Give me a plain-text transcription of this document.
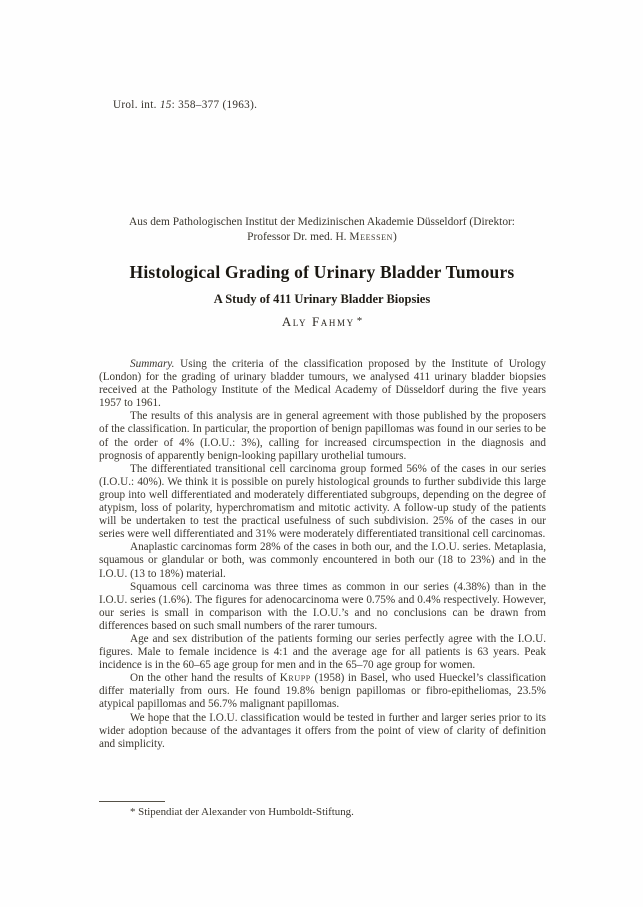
Urol. int. 15: 358–377 (1963).
Aus dem Pathologischen Institut der Medizinischen Akademie Düsseldorf (Direktor:
Professor Dr. med. H. Meessen)
Histological Grading of Urinary Bladder Tumours
A Study of 411 Urinary Bladder Biopsies
Aly Fahmy *

Summary. Using the criteria of the classification proposed by the Institute of Urology (London) for the grading of urinary bladder tumours, we analysed 411 urinary bladder biopsies received at the Pathology Institute of the Medical Academy of Düsseldorf during the five years 1957 to 1961.

The results of this analysis are in general agreement with those published by the proposers of the classification. In particular, the proportion of benign papillomas was found in our series to be of the order of 4% (I.O.U.: 3%), calling for increased circumspection in the diagnosis and prognosis of apparently benign-looking papillary urothelial tumours.

The differentiated transitional cell carcinoma group formed 56% of the cases in our series (I.O.U.: 40%). We think it is possible on purely histological grounds to further subdivide this large group into well differentiated and moderately differentiated subgroups, depending on the degree of atypism, loss of polarity, hyperchromatism and mitotic activity. A follow-up study of the patients will be undertaken to test the practical usefulness of such subdivision. 25% of the cases in our series were well differentiated and 31% were moderately differentiated transitional cell carcinomas.

Anaplastic carcinomas form 28% of the cases in both our, and the I.O.U. series. Metaplasia, squamous or glandular or both, was commonly encountered in both our (18 to 23%) and in the I.O.U. (13 to 18%) material.

Squamous cell carcinoma was three times as common in our series (4.38%) than in the I.O.U. series (1.6%). The figures for adenocarcinoma were 0.75% and 0.4% respectively. However, our series is small in comparison with the I.O.U.’s and no conclusions can be drawn from differences based on such small numbers of the rarer tumours.

Age and sex distribution of the patients forming our series perfectly agree with the I.O.U. figures. Male to female incidence is 4:1 and the average age for all patients is 63 years. Peak incidence is in the 60–65 age group for men and in the 65–70 age group for women.

On the other hand the results of Krupp (1958) in Basel, who used Hueckel’s classification differ materially from ours. He found 19.8% benign papillomas or fibro-epitheliomas, 23.5% atypical papillomas and 56.7% malignant papillomas.

We hope that the I.O.U. classification would be tested in further and larger series prior to its wider adoption because of the advantages it offers from the point of view of clarity of definition and simplicity.

* Stipendiat der Alexander von Humboldt-Stiftung.
